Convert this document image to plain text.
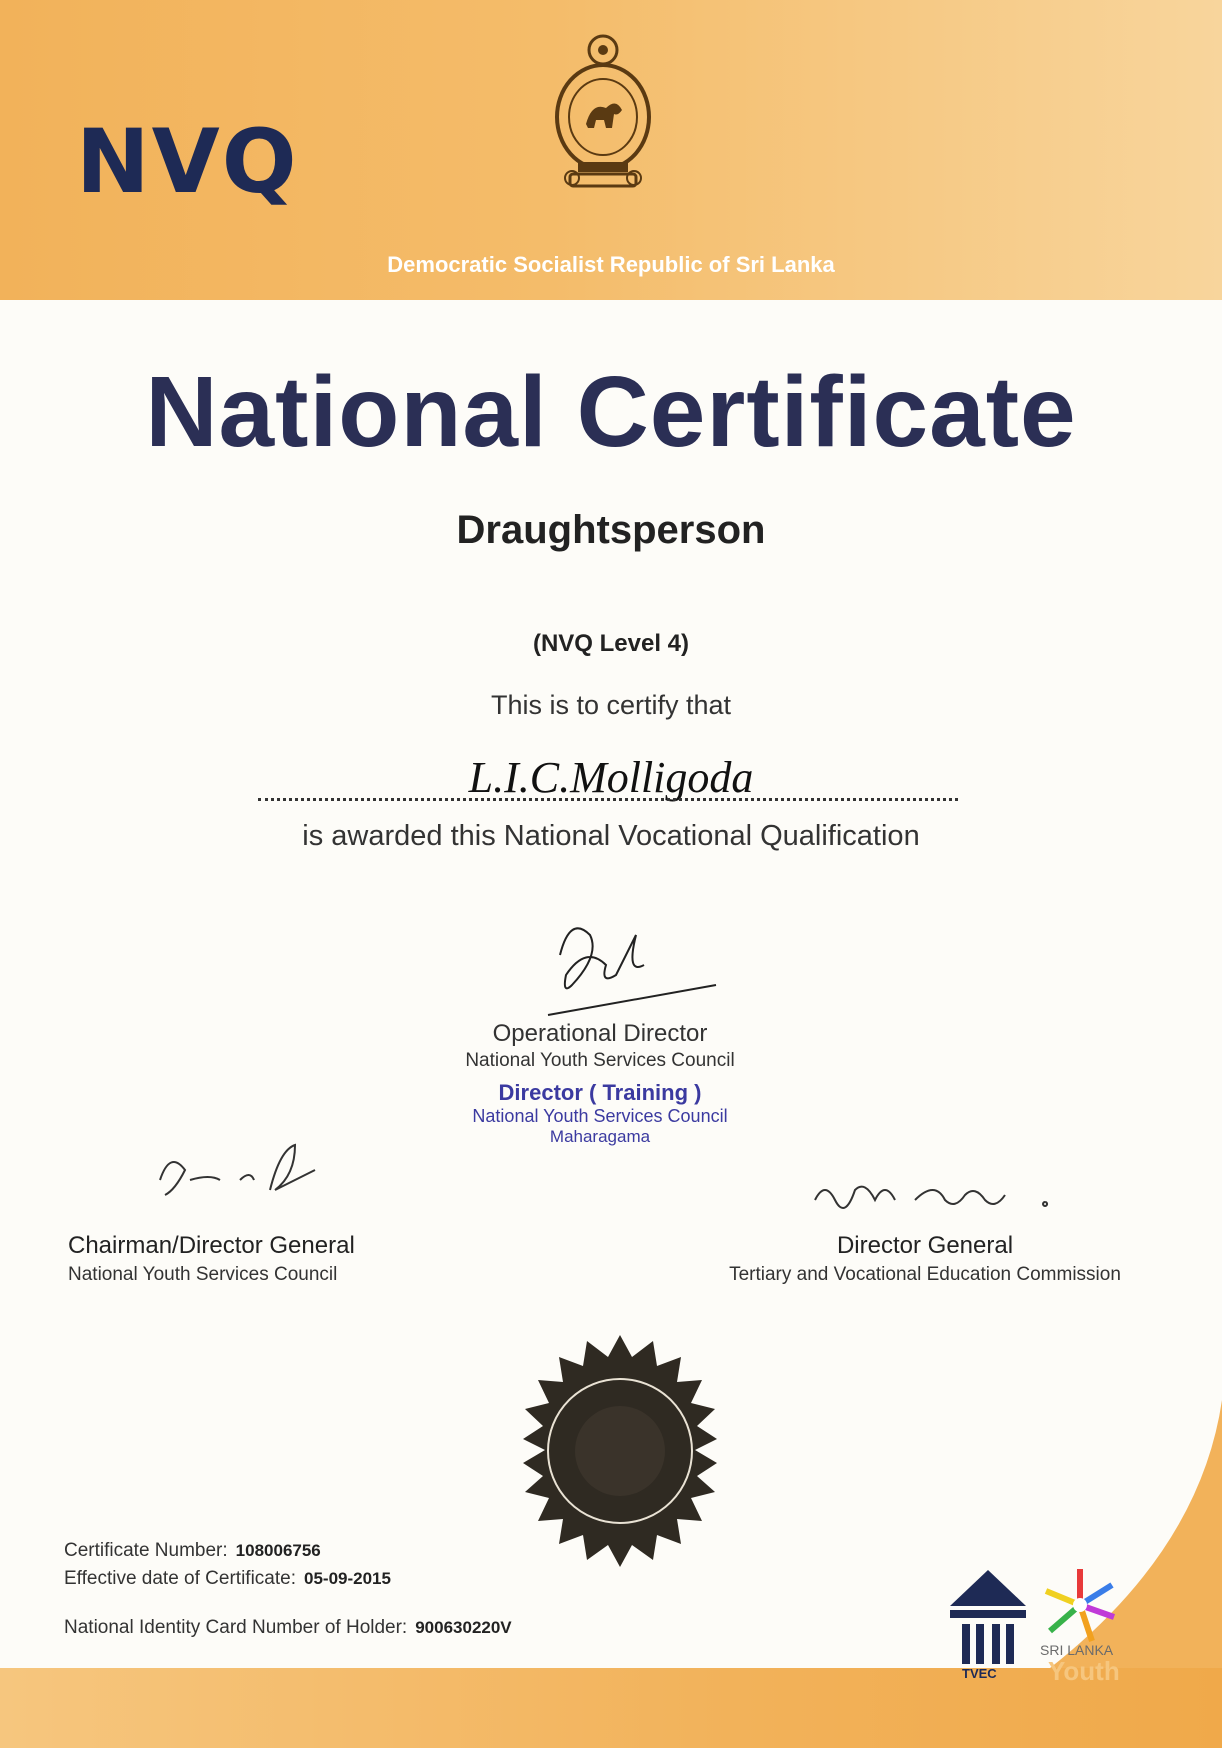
NVQ
Democratic Socialist Republic of Sri Lanka
National Certificate
Draughtsperson
(NVQ Level 4)
This is to certify that
L.I.C.Molligoda
is awarded this National Vocational Qualification
Operational Director
National Youth Services Council
Director ( Training )
National Youth Services Council
Maharagama
Chairman/Director General
National Youth Services Council
Director General
Tertiary and Vocational Education Commission
Certificate Number: 108006756
Effective date of Certificate: 05-09-2015
National Identity Card Number of Holder: 900630220V
TVEC
SRI LANKA
Youth
